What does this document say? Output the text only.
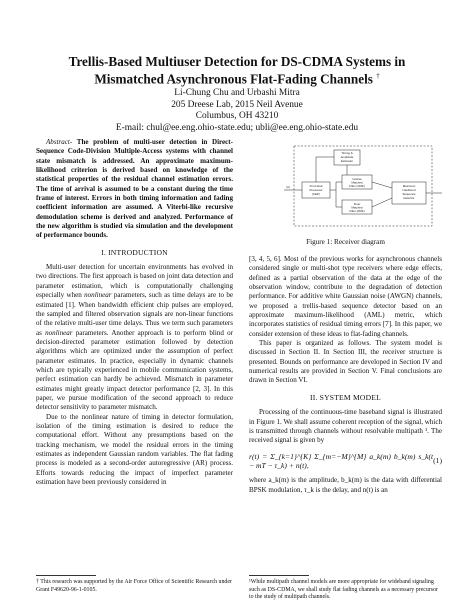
Trellis-Based Multiuser Detection for DS-CDMA Systems in
Mismatched Asynchronous Flat-Fading Channels †
Li-Chung Chu and Urbashi Mitra
205 Dreese Lab, 2015 Neil Avenue
Columbus, OH 43210
E-mail: chul@ee.eng.ohio-state.edu; ubli@ee.eng.ohio-state.edu

Abstract- The problem of multi-user detection in Direct-Sequence Code-Division Multiple-Access systems with channel state mismatch is addressed. An approximate maximum-likelihood criterion is derived based on knowledge of the statistical properties of the residual channel estimation errors. The time of arrival is assumed to be a constant during the time frame of interest. Errors in both timing information and fading coefficient information are assumed. A Viterbi-like recursive demodulation scheme is derived and analyzed. Performance of the new algorithm is studied via simulation and the development of performance bounds.

I. INTRODUCTION

Multi-user detection for uncertain environments has evolved in two directions. The first approach is based on joint data detection and parameter estimation, which is computationally challenging especially when nonlinear parameters, such as time delays are to be estimated [1]. When bandwidth efficient chip pulses are employed, the sampled and filtered observation signals are non-linear functions of the relative multi-user time delays. Thus we term such parameters as nonlinear parameters. Another approach is to perform blind or decision-directed parameter estimation followed by detection algorithms which are optimized under the assumption of perfect parameter estimates. In practice, especially in dynamic channels which are typically experienced in mobile communication systems, perfect estimation can hardly be achieved. Mismatch in parameter estimates might greatly impact detector performance [2, 3]. In this paper, we pursue modification of the second approach to reduce detector sensitivity to parameter mismatch.

Due to the nonlinear nature of timing in detector formulation, isolation of the timing estimation is desired to reduce the computational effort. Without any presumptions based on the tracking mechanism, we model the residual errors in the timing estimates as independent Gaussian random variables. The flat fading process is modeled as a second-order autoregressive (AR) process. Efforts towards reducing the impact of imperfect parameter estimation have been previously considered in

Timing &
Amplitude
Estimator
Front End
Processor
(FEP)
Coarse
Matched
Filter (CMF)
Finer
Matched
Filter (FMF)
Maximum
Likelihood
Sequence
Detector
r(t)
Figure 1: Receiver diagram

[3, 4, 5, 6]. Most of the previous works for asynchronous channels considered single or multi-shot type receivers where edge effects, defined as a partial observation of the data at the edge of the observation window, contribute to the degradation of detection performance. For additive white Gaussian noise (AWGN) channels, we proposed a trellis-based sequence detector based on an approximate maximum-likelihood (AML) metric, which incorporates statistics of residual timing errors [7]. In this paper, we consider extension of these ideas to flat-fading channels.

This paper is organized as follows. The system model is discussed in Section II. In Section III, the receiver structure is presented. Bounds on performance are developed in Section IV and numerical results are provided in Section V. Final conclusions are drawn in Section VI.

II. SYSTEM MODEL

Processing of the continuous-time baseband signal is illustrated in Figure 1. We shall assume coherent reception of the signal, which is transmitted through channels without resolvable multipath ¹. The received signal is given by

r(t) = Σ_{k=1}^{K} Σ_{m=−M}^{M} a_k(m) b_k(m) s_k(t − mT − τ_k) + n(t),
(1)

where a_k(m) is the amplitude, b_k(m) is the data with differential BPSK modulation, τ_k is the delay, and n(t) is an

† This research was supported by the Air Force Office of Scientific Research under Grant F49620-96-1-0105.
¹While multipath channel models are more appropriate for wideband signaling such as DS-CDMA, we shall study flat fading channels as a necessary precursor to the study of multipath channels.
